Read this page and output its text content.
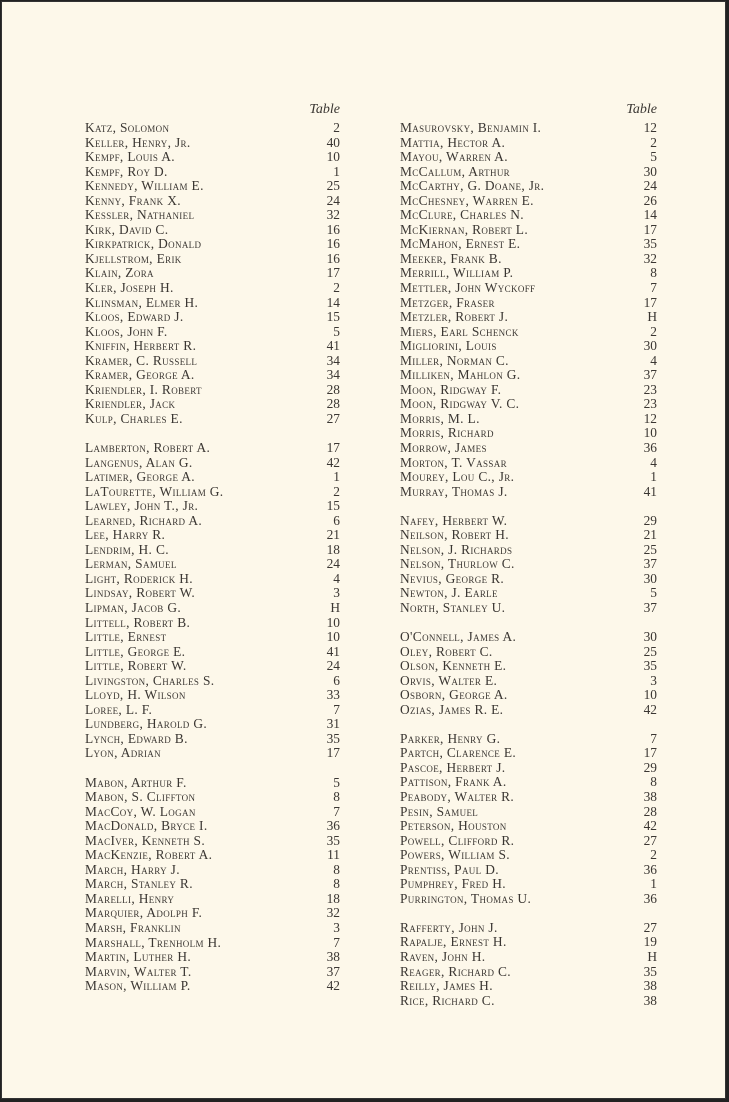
Table
Katz, Solomon	2
Keller, Henry, Jr.	40
Kempf, Louis A.	10
Kempf, Roy D.	1
Kennedy, William E.	25
Kenny, Frank X.	24
Kessler, Nathaniel	32
Kirk, David C.	16
Kirkpatrick, Donald	16
Kjellstrom, Erik	16
Klain, Zora	17
Kler, Joseph H.	2
Klinsman, Elmer H.	14
Kloos, Edward J.	15
Kloos, John F.	5
Kniffin, Herbert R.	41
Kramer, C. Russell	34
Kramer, George A.	34
Kriendler, I. Robert	28
Kriendler, Jack	28
Kulp, Charles E.	27
Lamberton, Robert A.	17
Langenus, Alan G.	42
Latimer, George A.	1
LaTourette, William G.	2
Lawley, John T., Jr.	15
Learned, Richard A.	6
Lee, Harry R.	21
Lendrim, H. C.	18
Lerman, Samuel	24
Light, Roderick H.	4
Lindsay, Robert W.	3
Lipman, Jacob G.	H
Littell, Robert B.	10
Little, Ernest	10
Little, George E.	41
Little, Robert W.	24
Livingston, Charles S.	6
Lloyd, H. Wilson	33
Loree, L. F.	7
Lundberg, Harold G.	31
Lynch, Edward B.	35
Lyon, Adrian	17
Mabon, Arthur F.	5
Mabon, S. Cliffton	8
MacCoy, W. Logan	7
MacDonald, Bryce I.	36
MacIver, Kenneth S.	35
MacKenzie, Robert A.	11
March, Harry J.	8
March, Stanley R.	8
Marelli, Henry	18
Marquier, Adolph F.	32
Marsh, Franklin	3
Marshall, Trenholm H.	7
Martin, Luther H.	38
Marvin, Walter T.	37
Mason, William P.	42
Table
Masurovsky, Benjamin I.	12
Mattia, Hector A.	2
Mayou, Warren A.	5
McCallum, Arthur	30
McCarthy, G. Doane, Jr.	24
McChesney, Warren E.	26
McClure, Charles N.	14
McKiernan, Robert L.	17
McMahon, Ernest E.	35
Meeker, Frank B.	32
Merrill, William P.	8
Mettler, John Wyckoff	7
Metzger, Fraser	17
Metzler, Robert J.	H
Miers, Earl Schenck	2
Migliorini, Louis	30
Miller, Norman C.	4
Milliken, Mahlon G.	37
Moon, Ridgway F.	23
Moon, Ridgway V. C.	23
Morris, M. L.	12
Morris, Richard	10
Morrow, James	36
Morton, T. Vassar	4
Mourey, Lou C., Jr.	1
Murray, Thomas J.	41
Nafey, Herbert W.	29
Neilson, Robert H.	21
Nelson, J. Richards	25
Nelson, Thurlow C.	37
Nevius, George R.	30
Newton, J. Earle	5
North, Stanley U.	37
O'Connell, James A.	30
Oley, Robert C.	25
Olson, Kenneth E.	35
Orvis, Walter E.	3
Osborn, George A.	10
Ozias, James R. E.	42
Parker, Henry G.	7
Partch, Clarence E.	17
Pascoe, Herbert J.	29
Pattison, Frank A.	8
Peabody, Walter R.	38
Pesin, Samuel	28
Peterson, Houston	42
Powell, Clifford R.	27
Powers, William S.	2
Prentiss, Paul D.	36
Pumphrey, Fred H.	1
Purrington, Thomas U.	36
Rafferty, John J.	27
Rapalje, Ernest H.	19
Raven, John H.	H
Reager, Richard C.	35
Reilly, James H.	38
Rice, Richard C.	38
